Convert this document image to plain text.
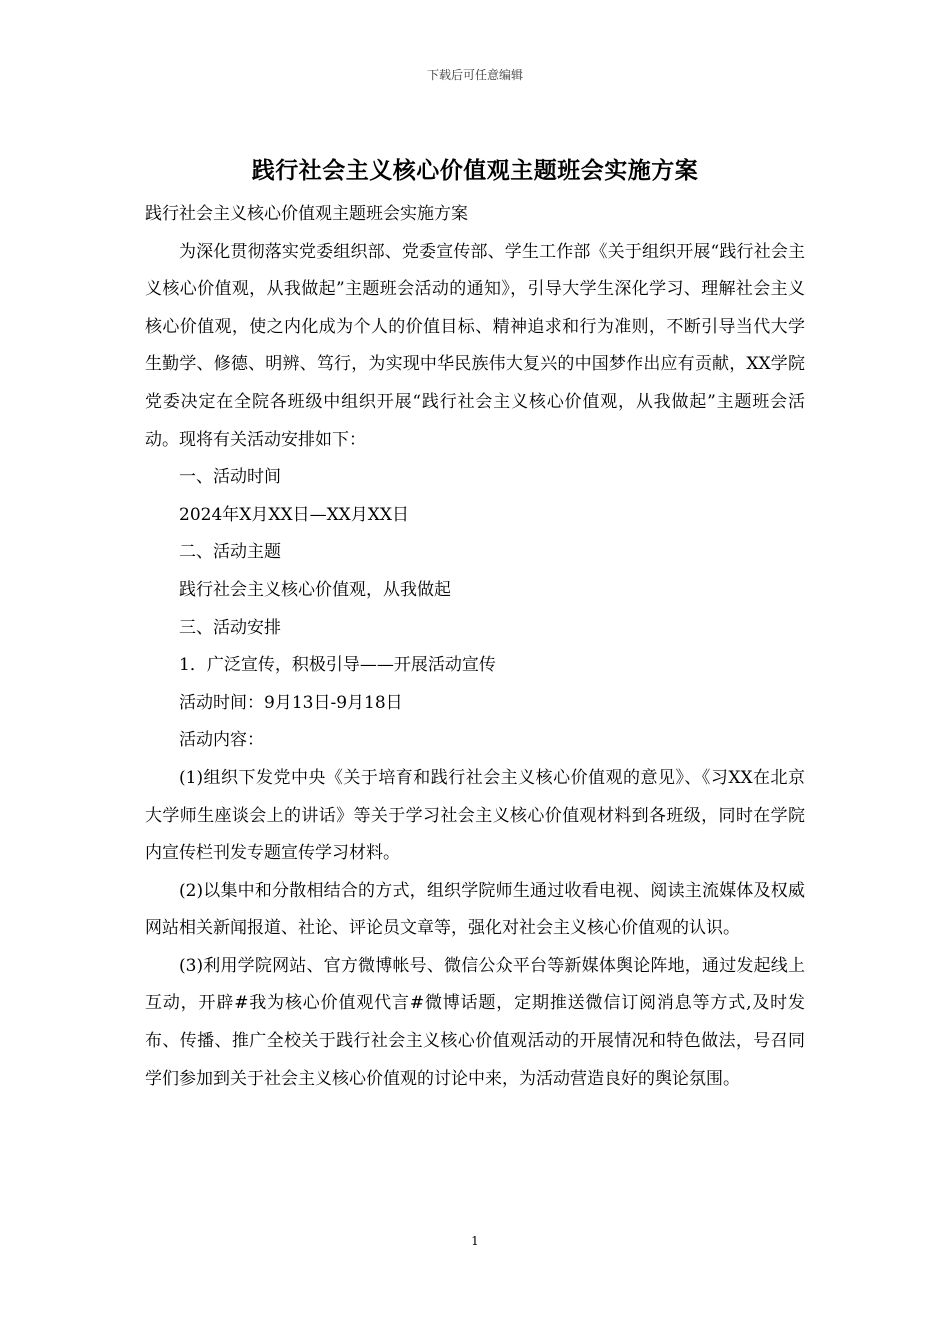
下载后可任意编辑
践行社会主义核心价值观主题班会实施方案

践行社会主义核心价值观主题班会实施方案

为深化贯彻落实党委组织部、党委宣传部、学生工作部《关于组织开展“践行社会主义核心价值观，从我做起”主题班会活动的通知》，引导大学生深化学习、理解社会主义核心价值观，使之内化成为个人的价值目标、精神追求和行为准则，不断引导当代大学生勤学、修德、明辨、笃行，为实现中华民族伟大复兴的中国梦作出应有贡献，XX学院党委决定在全院各班级中组织开展“践行社会主义核心价值观，从我做起”主题班会活动。现将有关活动安排如下：

一、活动时间

2024年X月XX日—XX月XX日

二、活动主题

践行社会主义核心价值观，从我做起

三、活动安排

1．广泛宣传，积极引导——开展活动宣传

活动时间：9月13日-9月18日

活动内容：

(1)组织下发党中央《关于培育和践行社会主义核心价值观的意见》、《习XX在北京大学师生座谈会上的讲话》等关于学习社会主义核心价值观材料到各班级，同时在学院内宣传栏刊发专题宣传学习材料。

(2)以集中和分散相结合的方式，组织学院师生通过收看电视、阅读主流媒体及权威网站相关新闻报道、社论、评论员文章等，强化对社会主义核心价值观的认识。

(3)利用学院网站、官方微博帐号、微信公众平台等新媒体舆论阵地，通过发起线上互动，开辟#我为核心价值观代言#微博话题，定期推送微信订阅消息等方式,及时发布、传播、推广全校关于践行社会主义核心价值观活动的开展情况和特色做法，号召同学们参加到关于社会主义核心价值观的讨论中来，为活动营造良好的舆论氛围。

1
